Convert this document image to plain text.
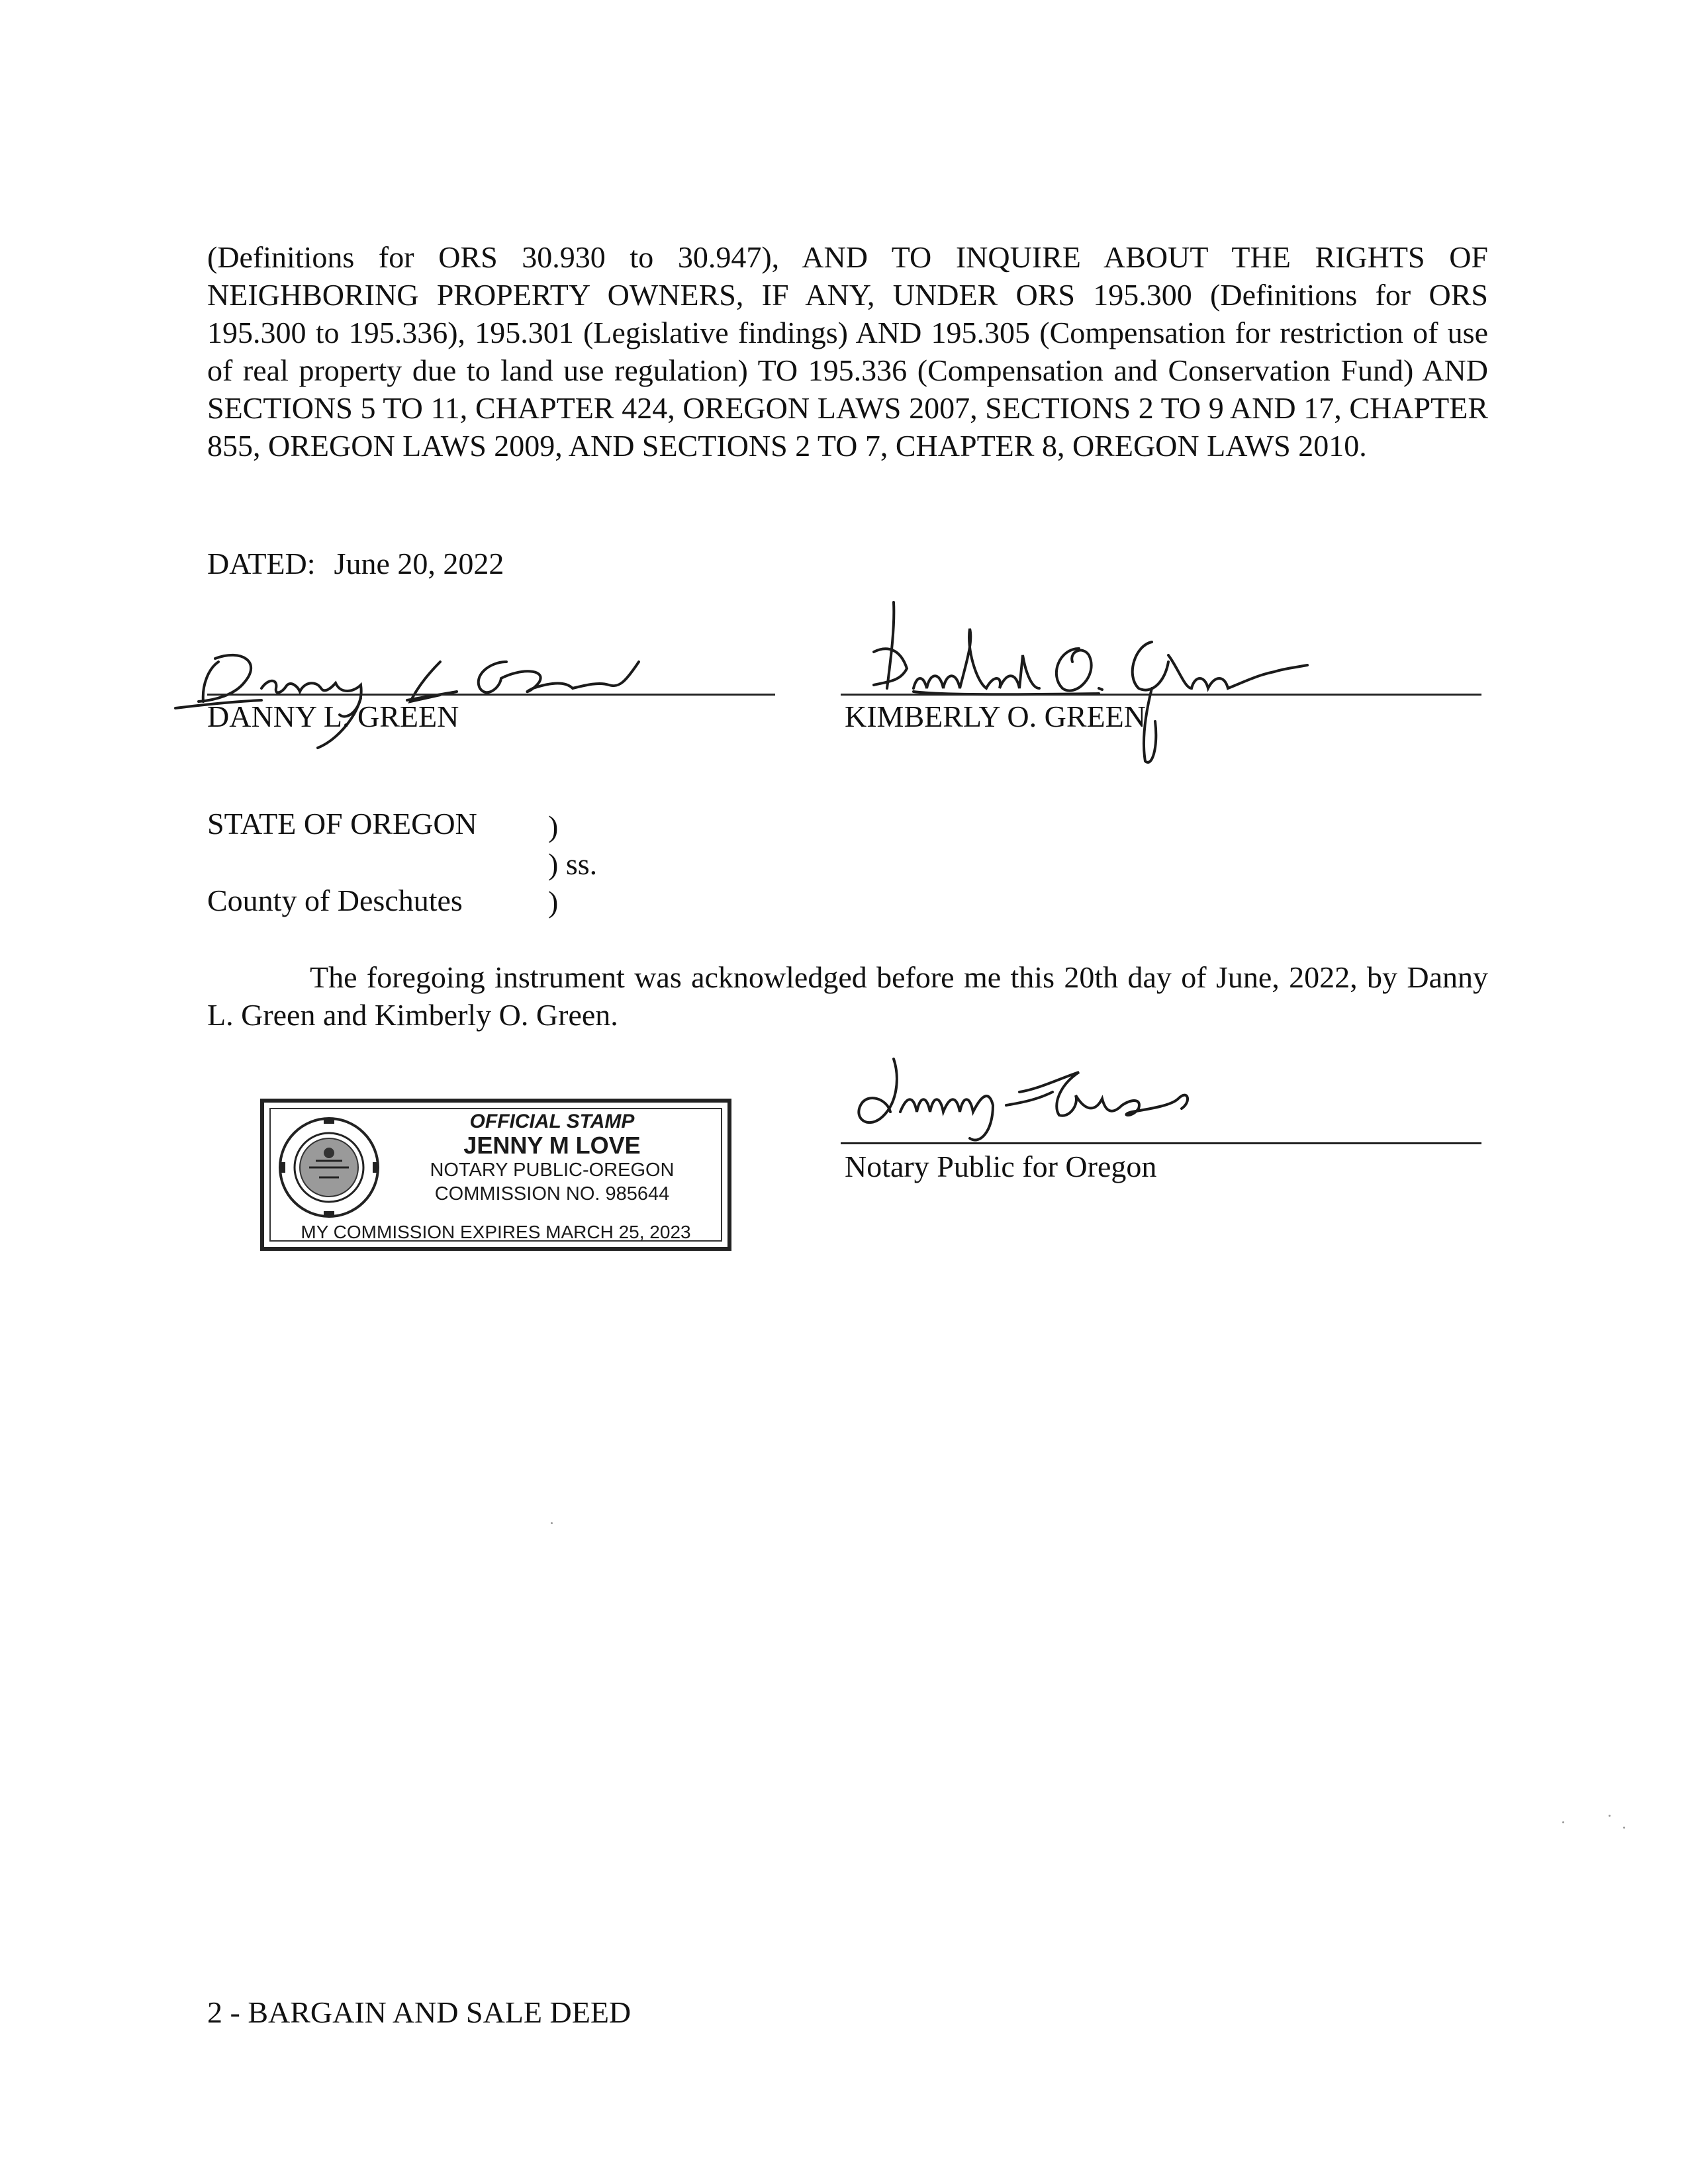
(Definitions for ORS 30.930 to 30.947), AND TO INQUIRE ABOUT THE RIGHTS OF NEIGHBORING PROPERTY OWNERS, IF ANY, UNDER ORS 195.300 (Definitions for ORS 195.300 to 195.336), 195.301 (Legislative findings) AND 195.305 (Compensation for restriction of use of real property due to land use regulation) TO 195.336 (Compensation and Conservation Fund) AND SECTIONS 5 TO 11, CHAPTER 424, OREGON LAWS 2007, SECTIONS 2 TO 9 AND 17, CHAPTER 855, OREGON LAWS 2009, AND SECTIONS 2 TO 7, CHAPTER 8, OREGON LAWS 2010.
DATED: June 20, 2022
DANNY L. GREEN	KIMBERLY O. GREEN
STATE OF OREGON )
) ss.
County of Deschutes	)
The foregoing instrument was acknowledged before me this 20th day of June, 2022, by Danny L. Green and Kimberly O. Green.
OFFICIAL STAMP
JENNY M LOVE
NOTARY PUBLIC-OREGON
COMMISSION NO. 985644
MY COMMISSION EXPIRES MARCH 25, 2023
Notary Public for Oregon
2 - BARGAIN AND SALE DEED
